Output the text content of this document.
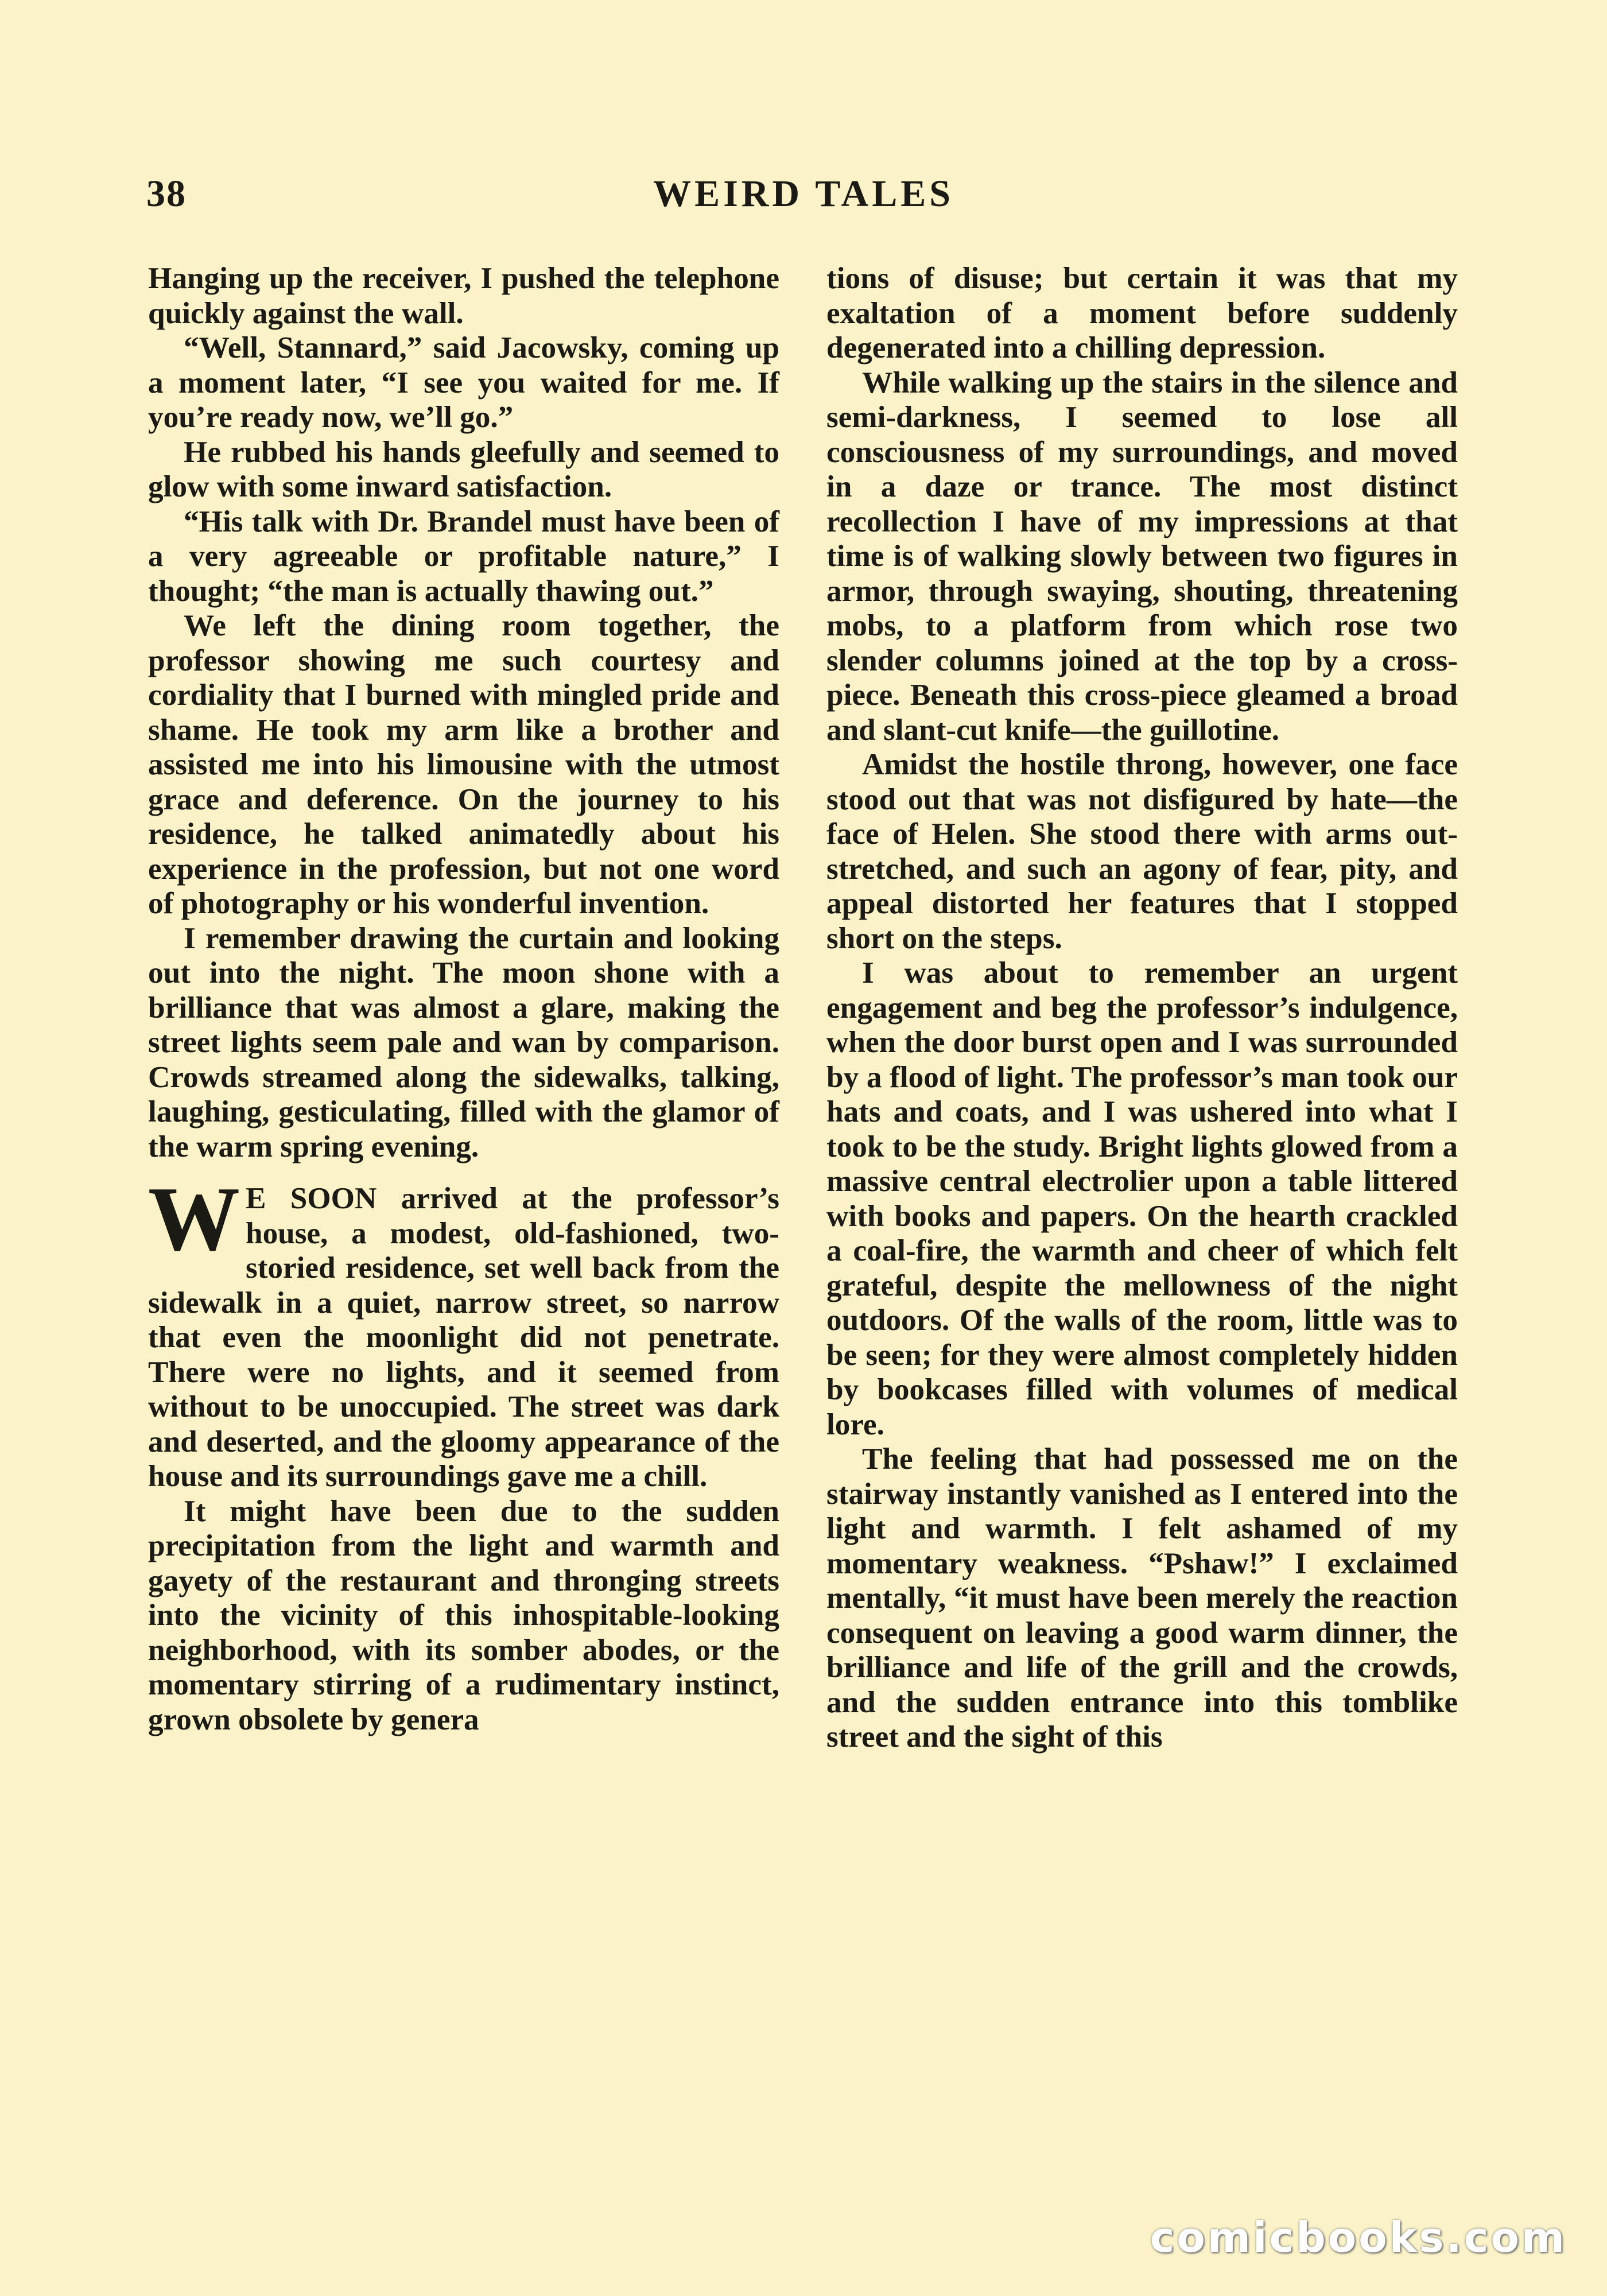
38	WEIRD TALES

Hanging up the receiver, I pushed the telephone quickly against the wall.

“Well, Stannard,” said Jacowsky, coming up a moment later, “I see you waited for me. If you’re ready now, we’ll go.”

He rubbed his hands gleefully and seemed to glow with some inward satisfaction.

“His talk with Dr. Brandel must have been of a very agreeable or profitable nature,” I thought; “the man is actually thawing out.”

We left the dining room together, the professor showing me such courtesy and cordiality that I burned with mingled pride and shame. He took my arm like a brother and assisted me into his limousine with the utmost grace and deference. On the journey to his residence, he talked animatedly about his experience in the profession, but not one word of photography or his wonderful invention.

I remember drawing the curtain and looking out into the night. The moon shone with a brilliance that was almost a glare, making the street lights seem pale and wan by comparison. Crowds streamed along the sidewalks, talking, laughing, gesticulating, filled with the glamor of the warm spring evening.

W E SOON arrived at the professor’s house, a modest, old-fashioned, two-storied residence, set well back from the sidewalk in a quiet, narrow street, so narrow that even the moonlight did not penetrate. There were no lights, and it seemed from without to be unoccupied. The street was dark and deserted, and the gloomy appearance of the house and its surroundings gave me a chill.

It might have been due to the sudden precipitation from the light and warmth and gayety of the restaurant and thronging streets into the vicinity of this inhospitable-looking neighborhood, with its somber abodes, or the momentary stirring of a rudimentary instinct, grown obsolete by genera

tions of disuse; but certain it was that my exaltation of a moment before suddenly degenerated into a chilling depression.

While walking up the stairs in the silence and semi-darkness, I seemed to lose all consciousness of my surroundings, and moved in a daze or trance. The most distinct recollection I have of my impressions at that time is of walking slowly between two figures in armor, through swaying, shouting, threatening mobs, to a platform from which rose two slender columns joined at the top by a cross-piece. Beneath this cross-piece gleamed a broad and slant-cut knife—the guillotine.

Amidst the hostile throng, however, one face stood out that was not disfigured by hate—the face of Helen. She stood there with arms outstretched, and such an agony of fear, pity, and appeal distorted her features that I stopped short on the steps.

I was about to remember an urgent engagement and beg the professor’s indulgence, when the door burst open and I was surrounded by a flood of light. The professor’s man took our hats and coats, and I was ushered into what I took to be the study. Bright lights glowed from a massive central electrolier upon a table littered with books and papers. On the hearth crackled a coal-fire, the warmth and cheer of which felt grateful, despite the mellowness of the night outdoors. Of the walls of the room, little was to be seen; for they were almost completely hidden by bookcases filled with volumes of medical lore.

The feeling that had possessed me on the stairway instantly vanished as I entered into the light and warmth. I felt ashamed of my momentary weakness. “Pshaw!” I exclaimed mentally, “it must have been merely the reaction consequent on leaving a good warm dinner, the brilliance and life of the grill and the crowds, and the sudden entrance into this tomblike street and the sight of this

comicbooks.com
